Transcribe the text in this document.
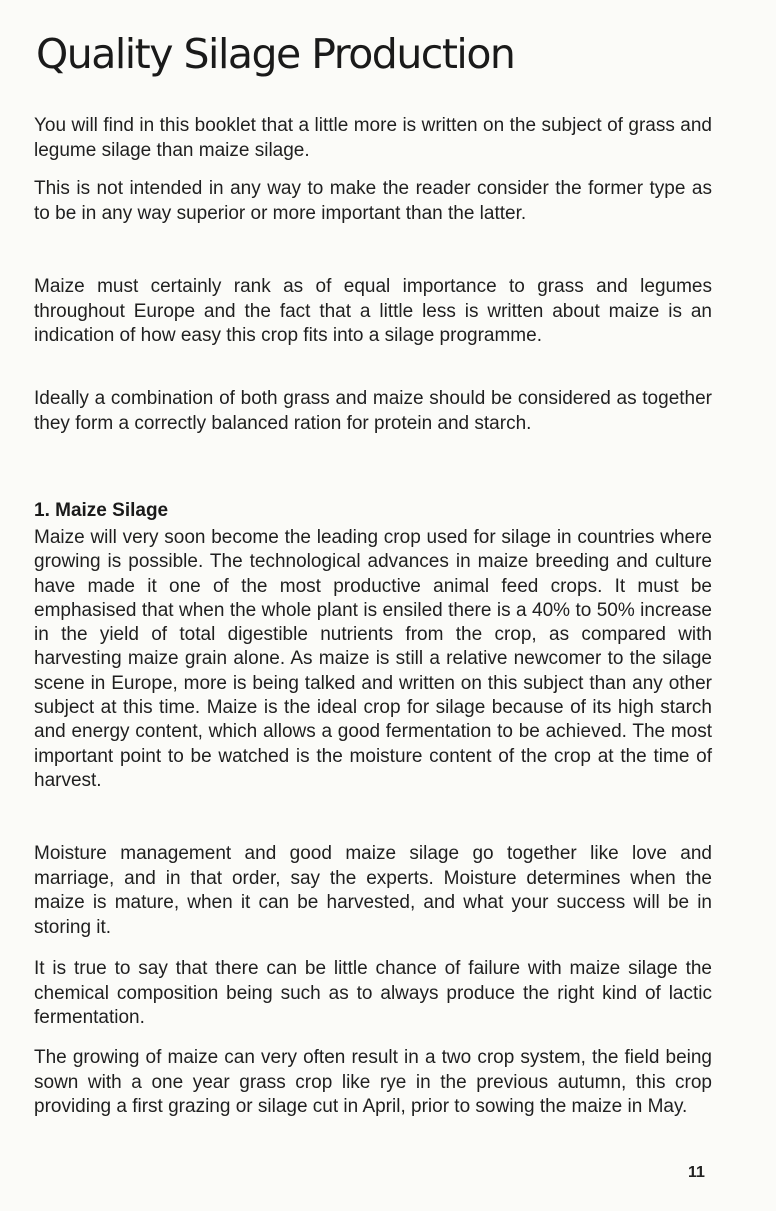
Quality Silage Production

You will find in this booklet that a little more is written on the subject of grass and legume silage than maize silage.

This is not intended in any way to make the reader consider the former type as to be in any way superior or more important than the latter.

Maize must certainly rank as of equal importance to grass and legumes throughout Europe and the fact that a little less is written about maize is an indication of how easy this crop fits into a silage programme.

Ideally a combination of both grass and maize should be considered as together they form a correctly balanced ration for protein and starch.

1. Maize Silage

Maize will very soon become the leading crop used for silage in countries where growing is possible. The technological advances in maize breeding and culture have made it one of the most productive animal feed crops. It must be emphasised that when the whole plant is ensiled there is a 40% to 50% increase in the yield of total digestible nutrients from the crop, as compared with harvesting maize grain alone. As maize is still a relative newcomer to the silage scene in Europe, more is being talked and written on this subject than any other subject at this time. Maize is the ideal crop for silage because of its high starch and energy content, which allows a good fermentation to be achieved. The most important point to be watched is the moisture content of the crop at the time of harvest.

Moisture management and good maize silage go together like love and marriage, and in that order, say the experts. Moisture determines when the maize is mature, when it can be harvested, and what your success will be in storing it.

It is true to say that there can be little chance of failure with maize silage the chemical composition being such as to always produce the right kind of lactic fermentation.

The growing of maize can very often result in a two crop system, the field being sown with a one year grass crop like rye in the previous autumn, this crop providing a first grazing or silage cut in April, prior to sowing the maize in May.

11
